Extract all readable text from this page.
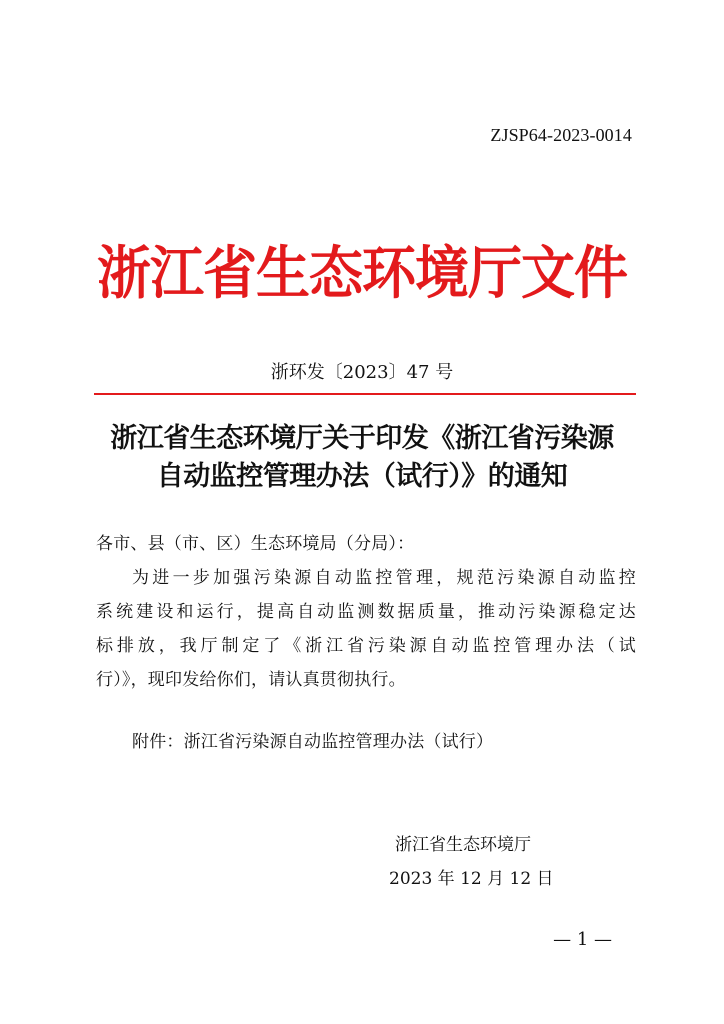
ZJSP64-2023-0014
浙江省生态环境厅文件
浙环发〔2023〕47 号
浙江省生态环境厅关于印发《浙江省污染源
自动监控管理办法（试行）》的通知
各市、县（市、区）生态环境局（分局）：
为进一步加强污染源自动监控管理，规范污染源自动监控
系统建设和运行，提高自动监测数据质量，推动污染源稳定达
标排放，我厅制定了《浙江省污染源自动监控管理办法（试
行）》，现印发给你们，请认真贯彻执行。
附件：浙江省污染源自动监控管理办法（试行）
浙江省生态环境厅
2023 年 12 月 12 日
— 1 —
